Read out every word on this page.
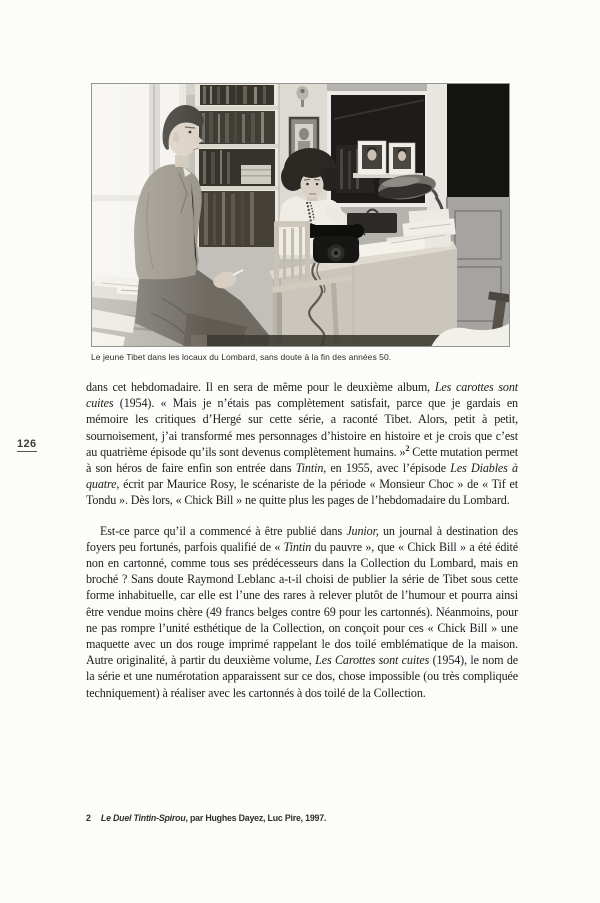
Le jeune Tibet dans les locaux du Lombard, sans doute à la fin des années 50.
126

dans cet hebdomadaire. Il en sera de même pour le deuxième album, Les carottes sont cuites (1954). « Mais je n’étais pas complètement satisfait, parce que je gardais en mémoire les critiques d’Hergé sur cette série, a raconté Tibet. Alors, petit à petit, sournoisement, j’ai transformé mes personnages d’histoire en histoire et je crois que c’est au quatrième épisode qu’ils sont devenus complètement humains. »$^2$ Cette mutation permet à son héros de faire enfin son entrée dans Tintin, en 1955, avec l’épisode Les Diables à quatre, écrit par Maurice Rosy, le scénariste de la période « Monsieur Choc » de « Tif et Tondu ». Dès lors, « Chick Bill » ne quitte plus les pages de l’hebdomadaire du Lombard.

Est-ce parce qu’il a commencé à être publié dans Junior, un journal à destination des foyers peu fortunés, parfois qualifié de « Tintin du pauvre », que « Chick Bill » a été édité non en cartonné, comme tous ses prédécesseurs dans la Collection du Lombard, mais en broché ? Sans doute Raymond Leblanc a-t-il choisi de publier la série de Tibet sous cette forme inhabituelle, car elle est l’une des rares à relever plutôt de l’humour et pourra ainsi être vendue moins chère (49 francs belges contre 69 pour les cartonnés). Néanmoins, pour ne pas rompre l’unité esthétique de la Collection, on conçoit pour ces « Chick Bill » une maquette avec un dos rouge imprimé rappelant le dos toilé emblématique de la maison. Autre originalité, à partir du deuxième volume, Les Carottes sont cuites (1954), le nom de la série et une numérotation apparaissent sur ce dos, chose impossible (ou très compliquée techniquement) à réaliser avec les cartonnés à dos toilé de la Collection.

2 Le Duel Tintin-Spirou, par Hughes Dayez, Luc Pire, 1997.
